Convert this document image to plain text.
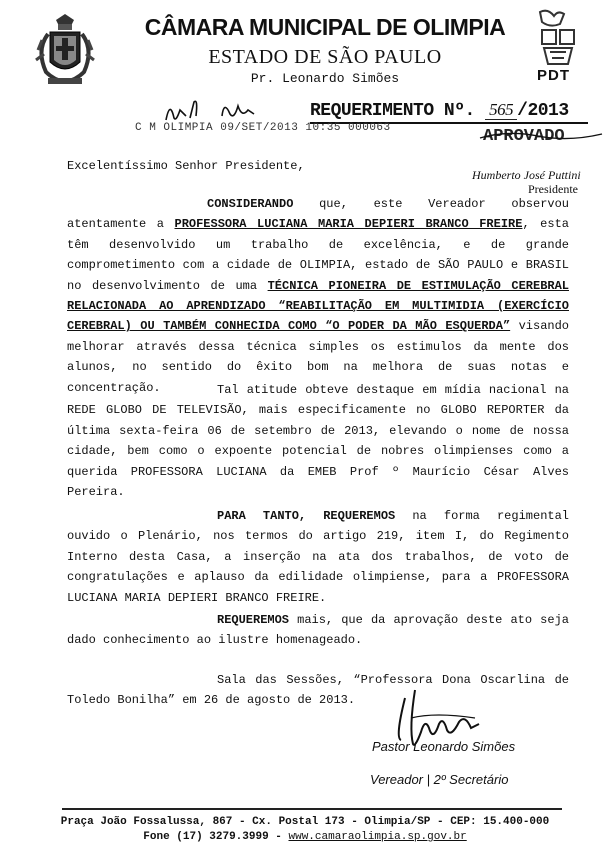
CÂMARA MUNICIPAL DE OLIMPIA
ESTADO DE SÃO PAULO
Pr. Leonardo Simões	PDT
REQUERIMENTO Nº. 565 /2013
C M OLIMPIA 09/SET/2013 10:35 000063	APROVADO
Humberto José Puttini
Presidente
Excelentíssimo Senhor Presidente,
CONSIDERANDO que, este Vereador observou atentamente a PROFESSORA LUCIANA MARIA DEPIERI BRANCO FREIRE, esta têm desenvolvido um trabalho de excelência, e de grande comprometimento com a cidade de OLIMPIA, estado de SÃO PAULO e BRASIL no desenvolvimento de uma TÉCNICA PIONEIRA DE ESTIMULAÇÃO CEREBRAL RELACIONADA AO APRENDIZADO “REABILITAÇÃO EM MULTIMIDIA (EXERCÍCIO CEREBRAL) OU TAMBÉM CONHECIDA COMO “O PODER DA MÃO ESQUERDA” visando melhorar através dessa técnica simples os estimulos da mente dos alunos, no sentido do êxito bom na melhora de suas notas e concentração.	Tal atitude obteve destaque em mídia nacional na REDE GLOBO DE TELEVISÃO, mais especificamente no GLOBO REPORTER da última sexta-feira 06 de setembro de 2013, elevando o nome de nossa cidade, bem como o expoente potencial de nobres olimpienses como a querida PROFESSORA LUCIANA da EMEB Prof º Maurício César Alves Pereira.
PARA TANTO, REQUEREMOS na forma regimental ouvido o Plenário, nos termos do artigo 219, item I, do Regimento Interno desta Casa, a inserção na ata dos trabalhos, de voto de congratulações e aplauso da edilidade olimpiense, para a PROFESSORA LUCIANA MARIA DEPIERI BRANCO FREIRE.
REQUEREMOS mais, que da aprovação deste ato seja dado conhecimento ao ilustre homenageado.
Sala das Sessões, “Professora Dona Oscarlina de Toledo Bonilha” em 26 de agosto de 2013.
Pastor Leonardo Simões
Vereador | 2º Secretário
Praça João Fossalussa, 867 - Cx. Postal 173 - Olimpia/SP - CEP: 15.400-000
Fone (17) 3279.3999 - www.camaraolimpia.sp.gov.br
